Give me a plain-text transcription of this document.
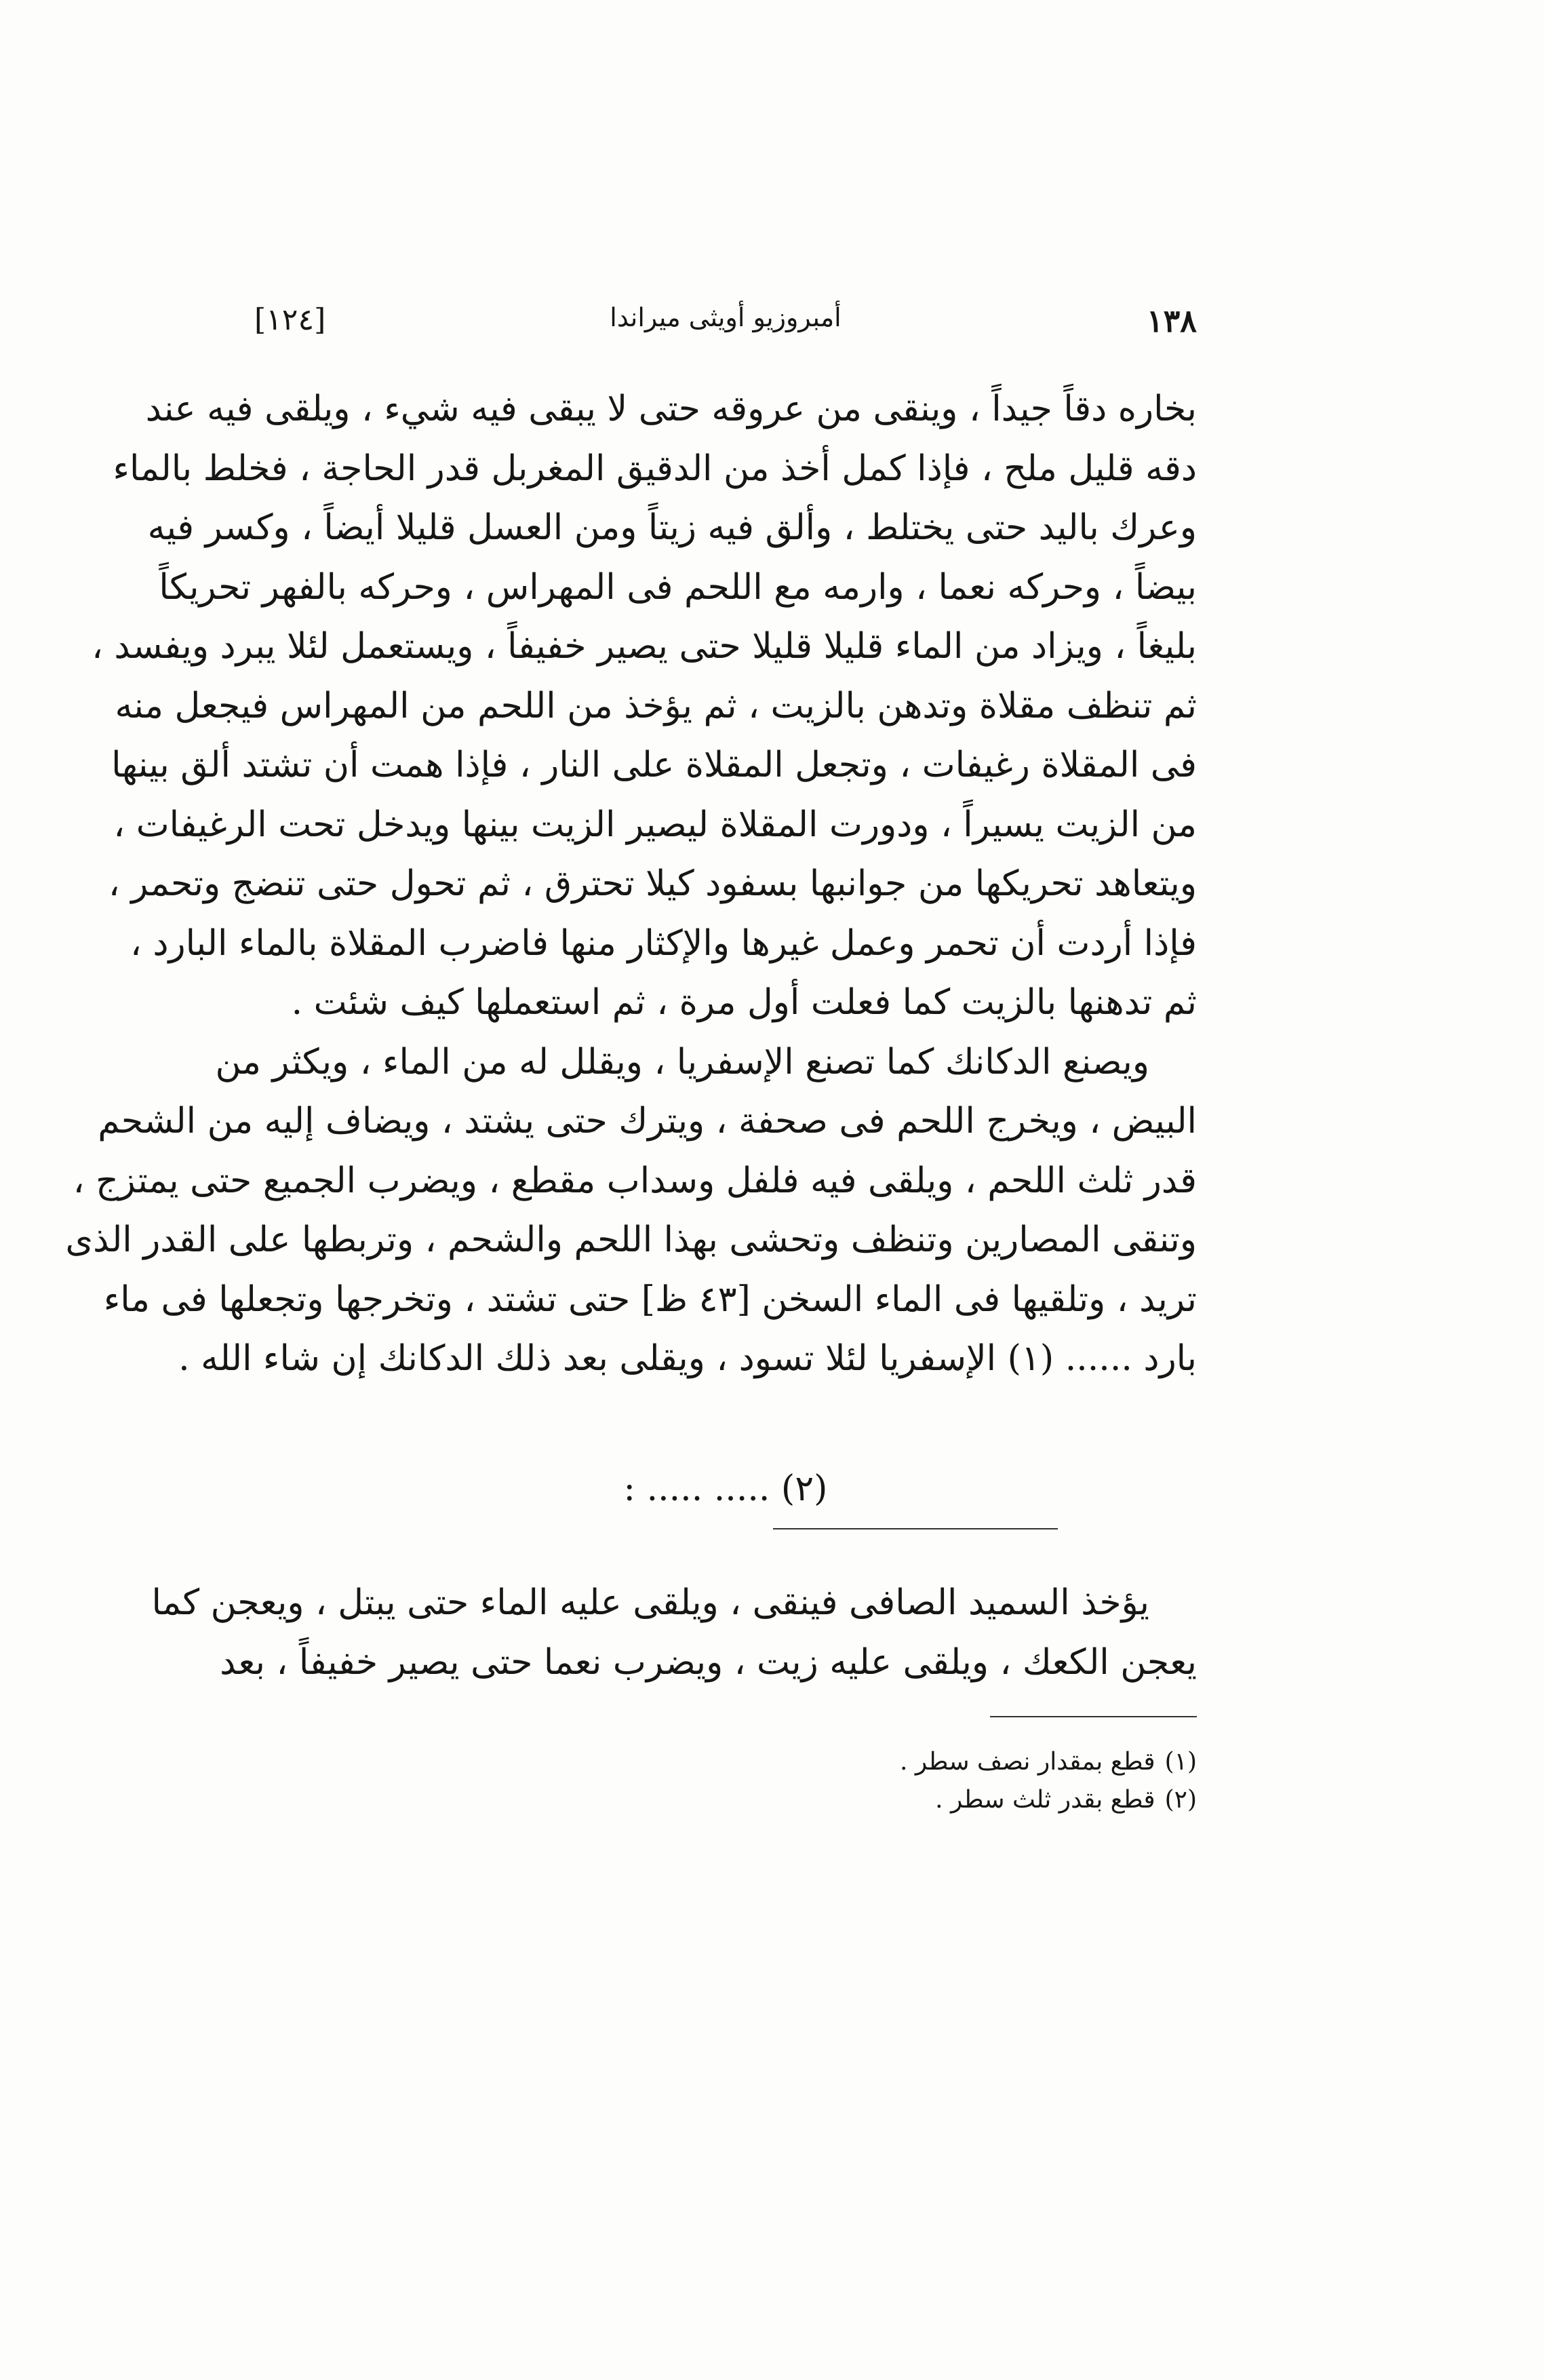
١٣٨
أمبروزيو أويثى ميراندا
[١٢٤]
بخاره دقاً جيداً ، وينقى من عروقه حتى لا يبقى فيه شيء ، ويلقى فيه عند
دقه قليل ملح ، فإذا كمل أخذ من الدقيق المغربل قدر الحاجة ، فخلط بالماء
وعرك باليد حتى يختلط ، وألق فيه زيتاً ومن العسل قليلا أيضاً ، وكسر فيه
بيضاً ، وحركه نعما ، وارمه مع اللحم فى المهراس ، وحركه بالفهر تحريكاً
بليغاً ، ويزاد من الماء قليلا قليلا حتى يصير خفيفاً ، ويستعمل لئلا يبرد ويفسد ،
ثم تنظف مقلاة وتدهن بالزيت ، ثم يؤخذ من اللحم من المهراس فيجعل منه
فى المقلاة رغيفات ، وتجعل المقلاة على النار ، فإذا همت أن تشتد ألق بينها
من الزيت يسيراً ، ودورت المقلاة ليصير الزيت بينها ويدخل تحت الرغيفات ،
ويتعاهد تحريكها من جوانبها بسفود كيلا تحترق ، ثم تحول حتى تنضج وتحمر ،
فإذا أردت أن تحمر وعمل غيرها والإكثار منها فاضرب المقلاة بالماء البارد ،
ثم تدهنها بالزيت كما فعلت أول مرة ، ثم استعملها كيف شئت .
ويصنع الدكانك كما تصنع الإسفريا ، ويقلل له من الماء ، ويكثر من
البيض ، ويخرج اللحم فى صحفة ، ويترك حتى يشتد ، ويضاف إليه من الشحم
قدر ثلث اللحم ، ويلقى فيه فلفل وسداب مقطع ، ويضرب الجميع حتى يمتزج ،
وتنقى المصارين وتنظف وتحشى بهذا اللحم والشحم ، وتربطها على القدر الذى
تريد ، وتلقيها فى الماء السخن [٤٣ ظ] حتى تشتد ، وتخرجها وتجعلها فى ماء
بارد ...... (١) الإسفريا لئلا تسود ، ويقلى بعد ذلك الدكانك إن شاء الله .
(٢) ..... ..... :
يؤخذ السميد الصافى فينقى ، ويلقى عليه الماء حتى يبتل ، ويعجن كما
يعجن الكعك ، ويلقى عليه زيت ، ويضرب نعما حتى يصير خفيفاً ، بعد
(١)قطع بمقدار نصف سطر .
(٢)قطع بقدر ثلث سطر .
